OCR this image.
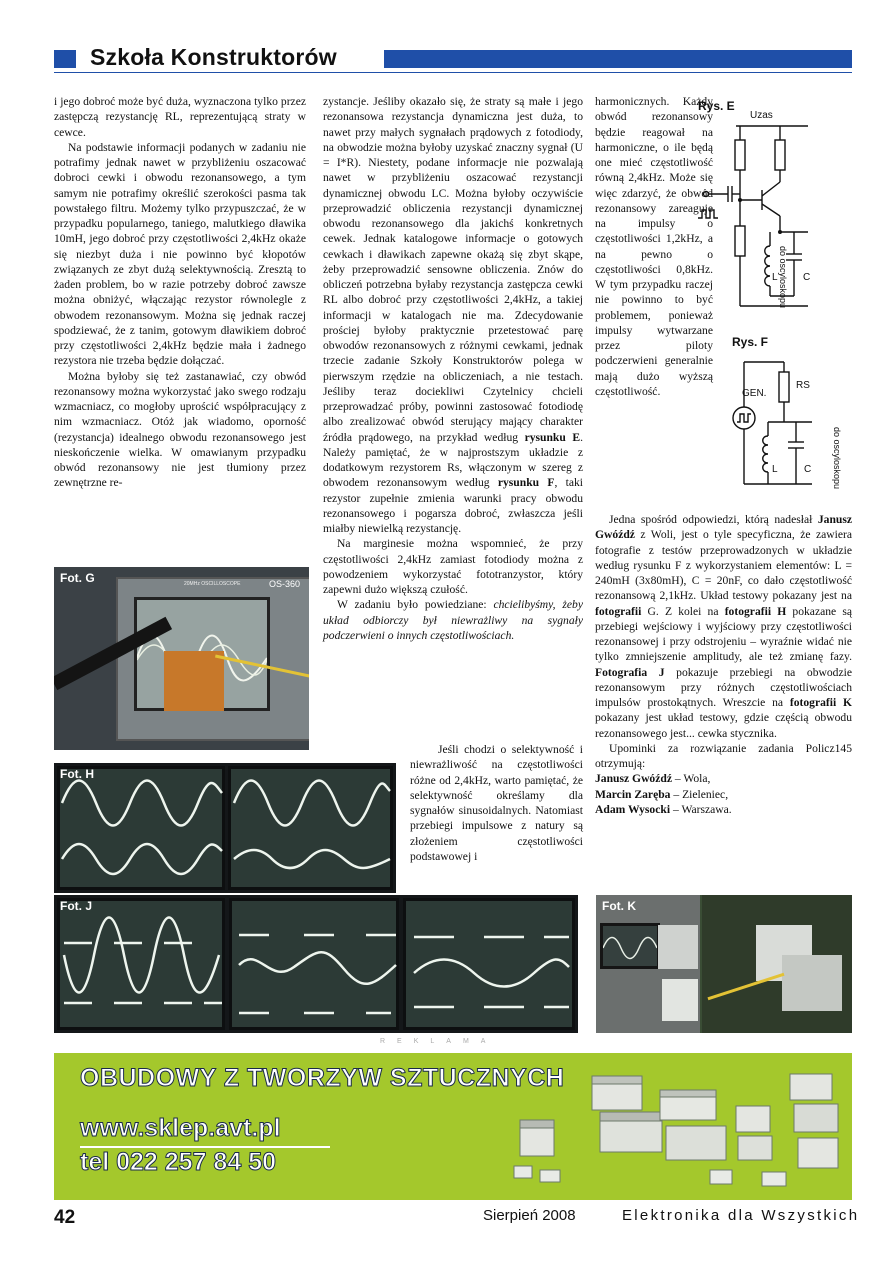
Szkoła Konstruktorów

i jego dobroć może być duża, wyznaczona tylko przez zastępczą rezystancję RL, reprezentującą straty w cewce.

Na podstawie informacji podanych w zadaniu nie potrafimy jednak nawet w przybliżeniu oszacować dobroci cewki i obwodu rezonansowego, a tym samym nie potrafimy określić szerokości pasma tak powstałego filtru. Możemy tylko przypuszczać, że w przypadku popularnego, taniego, malutkiego dławika 10mH, jego dobroć przy częstotliwości 2,4kHz okaże się niezbyt duża i nie powinno być kłopotów związanych ze zbyt dużą selektywnością. Zresztą to żaden problem, bo w razie potrzeby dobroć zawsze można obniżyć, włączając rezystor równolegle z obwodem rezonansowym. Można się jednak raczej spodziewać, że z tanim, gotowym dławikiem dobroć przy częstotliwości 2,4kHz będzie mała i żadnego rezystora nie trzeba będzie dołączać.

Można byłoby się też zastanawiać, czy obwód rezonansowy można wykorzystać jako swego rodzaju wzmacniacz, co mogłoby uprościć współpracujący z nim wzmacniacz. Otóż jak wiadomo, oporność (rezystancja) idealnego obwodu rezonansowego jest nieskończenie wielka. W omawianym przypadku obwód rezonansowy nie jest tłumiony przez zewnętrzne re-

Fot. G	OS-360
20MHz OSCILLOSCOPE
Fot. H

zystancje. Jeśliby okazało się, że straty są małe i jego rezonansowa rezystancja dynamiczna jest duża, to nawet przy małych sygnałach prądowych z fotodiody, na obwodzie można byłoby uzyskać znaczny sygnał (U = I*R). Niestety, podane informacje nie pozwalają nawet w przybliżeniu oszacować rezystancji dynamicznej obwodu LC. Można byłoby oczywiście przeprowadzić obliczenia rezystancji dynamicznej obwodu rezonansowego dla jakichś konkretnych cewek. Jednak katalogowe informacje o gotowych cewkach i dławikach zapewne okażą się zbyt skąpe, żeby przeprowadzić sensowne obliczenia. Znów do obliczeń potrzebna byłaby rezystancja zastępcza cewki RL albo dobroć przy częstotliwości 2,4kHz, a takiej informacji w katalogach nie ma. Zdecydowanie prościej byłoby praktycznie przetestować parę obwodów rezonansowych z różnymi cewkami, jednak trzecie zadanie Szkoły Konstruktorów polega w pierwszym rzędzie na obliczeniach, a nie testach. Jeśliby teraz dociekliwi Czytelnicy chcieli przeprowadzać próby, powinni zastosować fotodiodę albo zrealizować obwód sterujący mający charakter źródła prądowego, na przykład według rysunku E. Należy pamiętać, że w najprostszym układzie z dodatkowym rezystorem Rs, włączonym w szereg z obwodem rezonansowym według rysunku F, taki rezystor zupełnie zmienia warunki pracy obwodu rezonansowego i pogarsza dobroć, zwłaszcza jeśli miałby niewielką rezystancję.

Na marginesie można wspomnieć, że przy częstotliwości 2,4kHz zamiast fotodiody można z powodzeniem wykorzystać fototranzystor, który zapewni dużo większą czułość.

W zadaniu było powiedziane: chcielibyśmy, żeby układ odbiorczy był niewrażliwy na sygnały podczerwieni o innych częstotliwościach.

Jeśli chodzi o selektywność i niewrażliwość na częstotliwości różne od 2,4kHz, warto pamiętać, że selektywność określamy dla sygnałów sinusoidalnych. Natomiast przebiegi impulsowe z natury są złożeniem częstotliwości podstawowej i

harmonicznych. Każdy obwód rezonansowy będzie reagował na harmoniczne, o ile będą one mieć częstotliwość równą 2,4kHz. Może się więc zdarzyć, że obwód rezonansowy zareaguje na impulsy o częstotliwości 1,2kHz, a na pewno o częstotliwości 0,8kHz. W tym przypadku raczej nie powinno to być problemem, ponieważ impulsy wytwarzane przez piloty podczerwieni generalnie mają dużo wyższą częstotliwość.

Jedna spośród odpowiedzi, którą nadesłał Janusz Gwóźdź z Woli, jest o tyle specyficzna, że zawiera fotografie z testów przeprowadzonych w układzie według rysunku F z wykorzystaniem elementów: L = 240mH (3x80mH), C = 20nF, co dało częstotliwość rezonansową 2,1kHz. Układ testowy pokazany jest na fotografii G. Z kolei na fotografii H pokazane są przebiegi wejściowy i wyjściowy przy częstotliwości rezonansowej i przy odstrojeniu – wyraźnie widać nie tylko zmniejszenie amplitudy, ale też zmianę fazy. Fotografia J pokazuje przebiegi na obwodzie rezonansowym przy różnych częstotliwościach impulsów prostokątnych. Wreszcie na fotografii K pokazany jest układ testowy, gdzie częścią obwodu rezonansowego jest... cewka stycznika.

Upominki za rozwiązanie zadania Policz145 otrzymują:

Janusz Gwóźdź – Wola,
Marcin Zaręba – Zieleniec,
Adam Wysocki – Warszawa.
Rys. E
Uzas
L	C
do oscyloskopu
Rys. F
GEN.
RS
L	C do oscyloskopu
Fot. J	Fot. K
REKLAMA
OBUDOWY Z TWORZYW SZTUCZNYCH
www.sklep.avt.pl
tel 022 257 84 50
42	Sierpień 2008	Elektronika dla Wszystkich
